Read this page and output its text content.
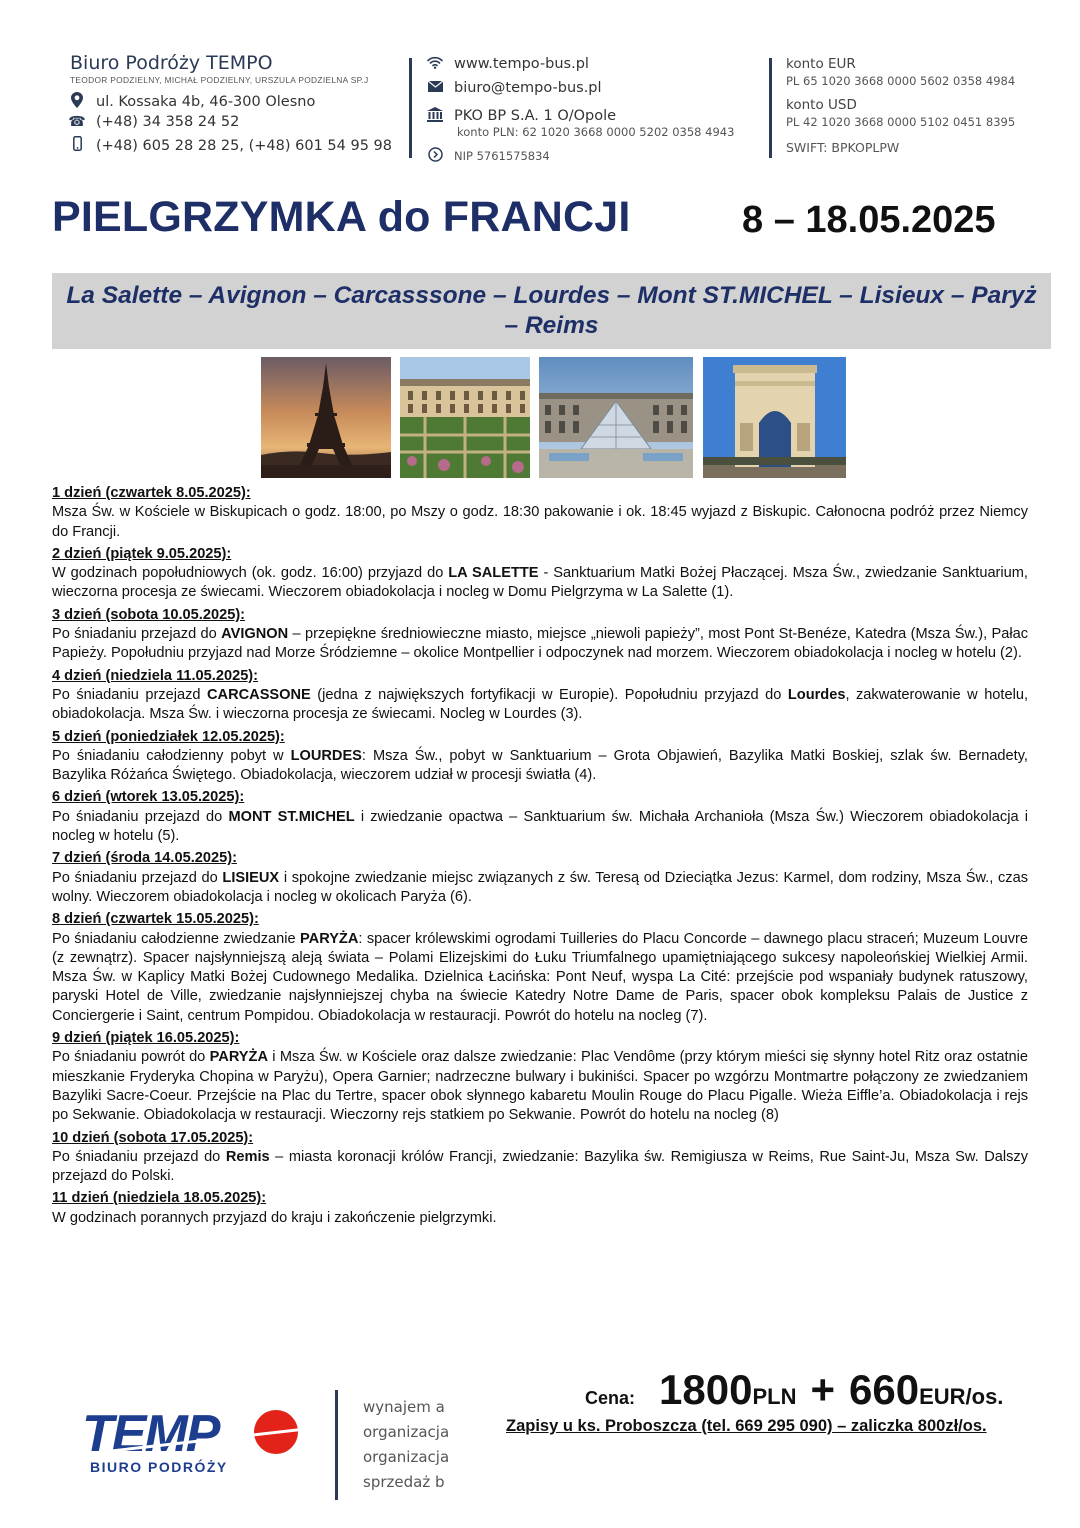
Biuro Podróży TEMPO
TEODOR PODZIELNY, MICHAŁ PODZIELNY, URSZULA PODZIELNA SP.J
ul. Kossaka 4b, 46-300 Olesno
☎ (+48) 34 358 24 52
(+48) 605 28 28 25, (+48) 601 54 95 98
www.tempo-bus.pl
biuro@tempo-bus.pl
PKO BP S.A. 1 O/Opole
konto PLN: 62 1020 3668 0000 5202 0358 4943
NIP 5761575834
konto EUR
PL 65 1020 3668 0000 5602 0358 4984
konto USD
PL 42 1020 3668 0000 5102 0451 8395
SWIFT: BPKOPLPW
PIELGRZYMKA do FRANCJI	8 – 18.05.2025
La Salette – Avignon – Carcasssone – Lourdes – Mont ST.MICHEL – Lisieux – Paryż
– Reims
1 dzień (czwartek 8.05.2025):
Msza Św. w Kościele w Biskupicach o godz. 18:00, po Mszy o godz. 18:30 pakowanie i ok. 18:45 wyjazd z Biskupic. Całonocna podróż przez Niemcy do Francji.
2 dzień (piątek 9.05.2025):
W godzinach popołudniowych (ok. godz. 16:00) przyjazd do LA SALETTE - Sanktuarium Matki Bożej Płaczącej. Msza Św., zwiedzanie Sanktuarium, wieczorna procesja ze świecami. Wieczorem obiadokolacja i nocleg w Domu Pielgrzyma w La Salette (1).
3 dzień (sobota 10.05.2025):
Po śniadaniu przejazd do AVIGNON – przepiękne średniowieczne miasto, miejsce „niewoli papieży”, most Pont St-Benéze, Katedra (Msza Św.), Pałac Papieży. Popołudniu przyjazd nad Morze Śródziemne – okolice Montpellier i odpoczynek nad morzem. Wieczorem obiadokolacja i nocleg w hotelu (2).
4 dzień (niedziela 11.05.2025):
Po śniadaniu przejazd CARCASSONE (jedna z największych fortyfikacji w Europie). Popołudniu przyjazd do Lourdes, zakwaterowanie w hotelu, obiadokolacja. Msza Św. i wieczorna procesja ze świecami. Nocleg w Lourdes (3).
5 dzień (poniedziałek 12.05.2025):
Po śniadaniu całodzienny pobyt w LOURDES: Msza Św., pobyt w Sanktuarium – Grota Objawień, Bazylika Matki Boskiej, szlak św. Bernadety, Bazylika Różańca Świętego. Obiadokolacja, wieczorem udział w procesji światła (4).
6 dzień (wtorek 13.05.2025):
Po śniadaniu przejazd do MONT ST.MICHEL i zwiedzanie opactwa – Sanktuarium św. Michała Archanioła (Msza Św.) Wieczorem obiadokolacja i nocleg w hotelu (5).
7 dzień (środa 14.05.2025):
Po śniadaniu przejazd do LISIEUX i spokojne zwiedzanie miejsc związanych z św. Teresą od Dzieciątka Jezus: Karmel, dom rodziny, Msza Św., czas wolny. Wieczorem obiadokolacja i nocleg w okolicach Paryża (6).
8 dzień (czwartek 15.05.2025):
Po śniadaniu całodzienne zwiedzanie PARYŻA: spacer królewskimi ogrodami Tuilleries do Placu Concorde – dawnego placu straceń; Muzeum Louvre (z zewnątrz). Spacer najsłynniejszą aleją świata – Polami Elizejskimi do Łuku Triumfalnego upamiętniającego sukcesy napoleońskiej Wielkiej Armii. Msza Św. w Kaplicy Matki Bożej Cudownego Medalika. Dzielnica Łacińska: Pont Neuf, wyspa La Cité: przejście pod wspaniały budynek ratuszowy, paryski Hotel de Ville, zwiedzanie najsłynniejszej chyba na świecie Katedry Notre Dame de Paris, spacer obok kompleksu Palais de Justice z Conciergerie i Saint, centrum Pompidou. Obiadokolacja w restauracji. Powrót do hotelu na nocleg (7).
9 dzień (piątek 16.05.2025):
Po śniadaniu powrót do PARYŻA i Msza Św. w Kościele oraz dalsze zwiedzanie: Plac Vendôme (przy którym mieści się słynny hotel Ritz oraz ostatnie mieszkanie Fryderyka Chopina w Paryżu), Opera Garnier; nadrzeczne bulwary i bukiniści. Spacer po wzgórzu Montmartre połączony ze zwiedzaniem Bazyliki Sacre-Coeur. Przejście na Plac du Tertre, spacer obok słynnego kabaretu Moulin Rouge do Placu Pigalle. Wieża Eiffle’a. Obiadokolacja i rejs po Sekwanie. Obiadokolacja w restauracji. Wieczorny rejs statkiem po Sekwanie. Powrót do hotelu na nocleg (8)
10 dzień (sobota 17.05.2025):
Po śniadaniu przejazd do Remis – miasta koronacji królów Francji, zwiedzanie: Bazylika św. Remigiusza w Reims, Rue Saint-Ju, Msza Sw. Dalszy przejazd do Polski.
11 dzień (niedziela 18.05.2025):
W godzinach porannych przyjazd do kraju i zakończenie pielgrzymki.
TEMP
BIURO PODRÓŻY
wynajem a
organizacja
organizacja
sprzedaż b
Cena: 1800 PLN + 660 EUR/os.
Zapisy u ks. Proboszcza (tel. 669 295 090) – zaliczka 800zł/os.
